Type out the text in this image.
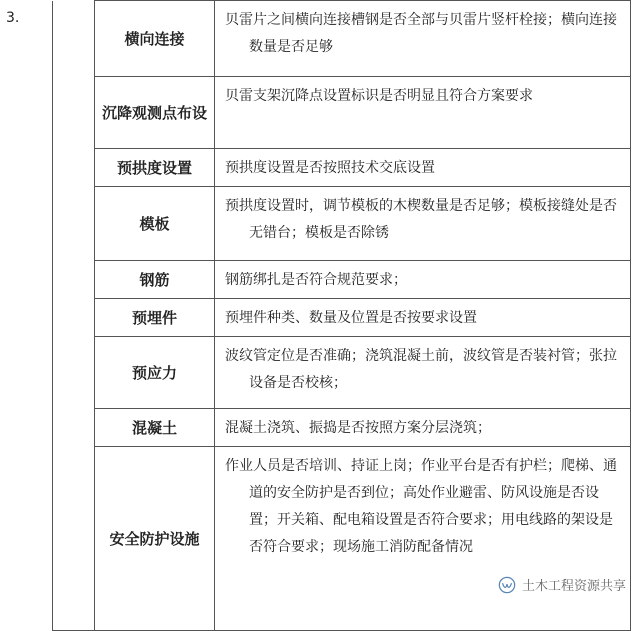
3.
	横向连接	贝雷片之间横向连接槽钢是否全部与贝雷片竖杆栓接；横向连接数量是否足够

	沉降观测点布设	贝雷支架沉降点设置标识是否明显且符合方案要求

	预拱度设置	预拱度设置是否按照技术交底设置

	模板	预拱度设置时，调节模板的木楔数量是否足够；模板接缝处是否无错台；模板是否除锈

	钢筋	钢筋绑扎是否符合规范要求；

	预埋件	预埋件种类、数量及位置是否按要求设置

	预应力	波纹管定位是否准确；浇筑混凝土前，波纹管是否装衬管；张拉设备是否校核；

	混凝土	混凝土浇筑、振捣是否按照方案分层浇筑；

	安全防护设施	作业人员是否培训、持证上岗；作业平台是否有护栏；爬梯、通道的安全防护是否到位；高处作业避雷、防风设施是否设置；开关箱、配电箱设置是否符合要求；用电线路的架设是否符合要求；现场施工消防配备情况
土木工程资源共享
